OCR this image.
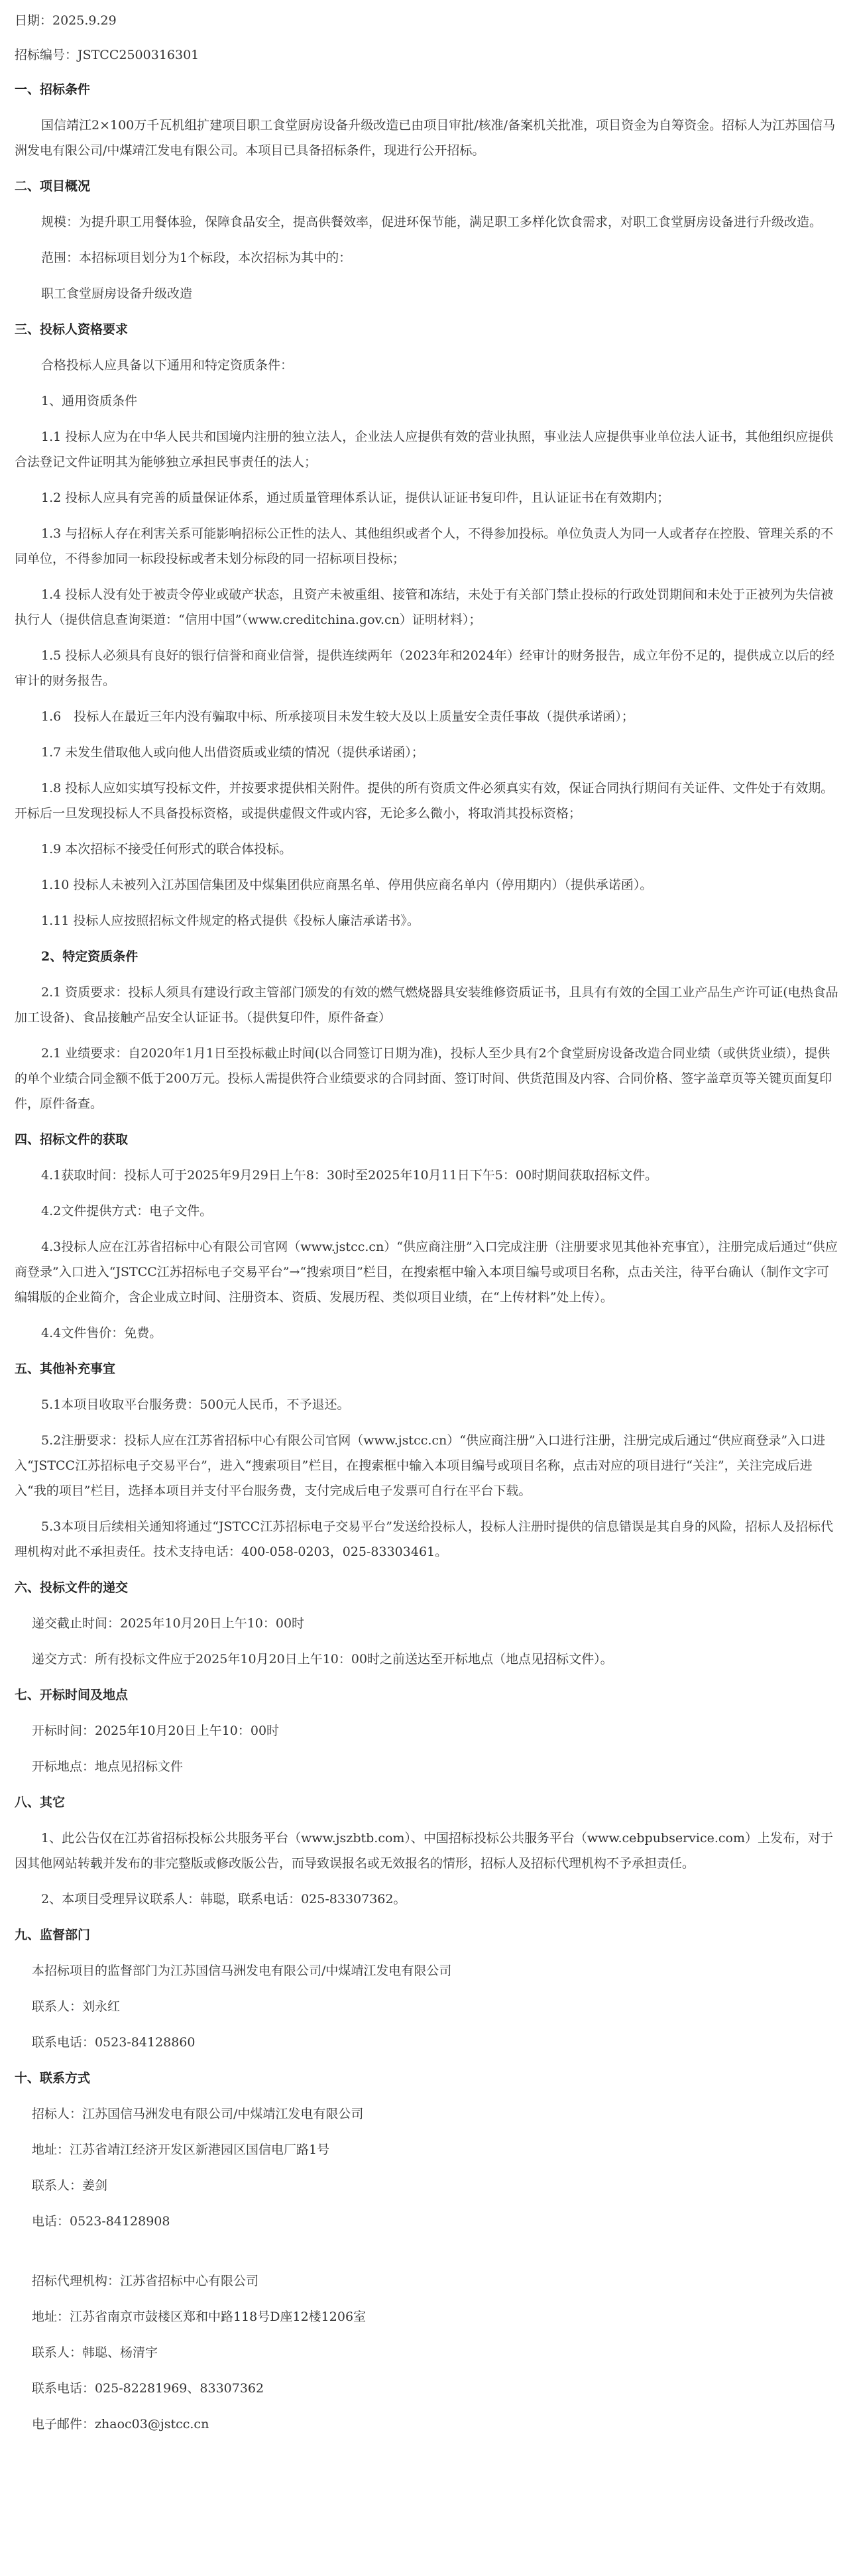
日期：2025.9.29

招标编号：JSTCC2500316301

一、招标条件

国信靖江2×100万千瓦机组扩建项目职工食堂厨房设备升级改造已由项目审批/核准/备案机关批准，项目资金为自筹资金。招标人为江苏国信马洲发电有限公司/中煤靖江发电有限公司。本项目已具备招标条件，现进行公开招标。

二、项目概况

规模：为提升职工用餐体验，保障食品安全，提高供餐效率，促进环保节能，满足职工多样化饮食需求，对职工食堂厨房设备进行升级改造。

范围：本招标项目划分为1个标段，本次招标为其中的：

职工食堂厨房设备升级改造

三、投标人资格要求

合格投标人应具备以下通用和特定资质条件：

1、通用资质条件

1.1 投标人应为在中华人民共和国境内注册的独立法人，企业法人应提供有效的营业执照，事业法人应提供事业单位法人证书，其他组织应提供合法登记文件证明其为能够独立承担民事责任的法人；

1.2 投标人应具有完善的质量保证体系，通过质量管理体系认证，提供认证证书复印件，且认证证书在有效期内；

1.3 与招标人存在利害关系可能影响招标公正性的法人、其他组织或者个人，不得参加投标。单位负责人为同一人或者存在控股、管理关系的不同单位，不得参加同一标段投标或者未划分标段的同一招标项目投标；

1.4 投标人没有处于被责令停业或破产状态，且资产未被重组、接管和冻结，未处于有关部门禁止投标的行政处罚期间和未处于正被列为失信被执行人（提供信息查询渠道：“信用中国”（www.creditchina.gov.cn）证明材料）；

1.5 投标人必须具有良好的银行信誉和商业信誉，提供连续两年（2023年和2024年）经审计的财务报告，成立年份不足的，提供成立以后的经审计的财务报告。

1.6　投标人在最近三年内没有骗取中标、所承接项目未发生较大及以上质量安全责任事故（提供承诺函）；

1.7 未发生借取他人或向他人出借资质或业绩的情况（提供承诺函）；

1.8 投标人应如实填写投标文件，并按要求提供相关附件。提供的所有资质文件必须真实有效，保证合同执行期间有关证件、文件处于有效期。开标后一旦发现投标人不具备投标资格，或提供虚假文件或内容，无论多么微小，将取消其投标资格；

1.9 本次招标不接受任何形式的联合体投标。

1.10 投标人未被列入江苏国信集团及中煤集团供应商黑名单、停用供应商名单内（停用期内）（提供承诺函）。

1.11 投标人应按照招标文件规定的格式提供《投标人廉洁承诺书》。

2、特定资质条件

2.1 资质要求：投标人须具有建设行政主管部门颁发的有效的燃气燃烧器具安装维修资质证书，且具有有效的全国工业产品生产许可证(电热食品加工设备)、食品接触产品安全认证证书。（提供复印件，原件备查）

2.1 业绩要求：自2020年1月1日至投标截止时间(以合同签订日期为准)，投标人至少具有2个食堂厨房设备改造合同业绩（或供货业绩），提供的单个业绩合同金额不低于200万元。投标人需提供符合业绩要求的合同封面、签订时间、供货范围及内容、合同价格、签字盖章页等关键页面复印件，原件备查。

四、招标文件的获取

4.1获取时间：投标人可于2025年9月29日上午8：30时至2025年10月11日下午5：00时期间获取招标文件。

4.2文件提供方式：电子文件。

4.3投标人应在江苏省招标中心有限公司官网（www.jstcc.cn）“供应商注册”入口完成注册（注册要求见其他补充事宜），注册完成后通过“供应商登录”入口进入“JSTCC江苏招标电子交易平台”→“搜索项目”栏目，在搜索框中输入本项目编号或项目名称，点击关注，待平台确认（制作文字可编辑版的企业简介，含企业成立时间、注册资本、资质、发展历程、类似项目业绩，在“上传材料”处上传）。

4.4文件售价：免费。

五、其他补充事宜

5.1本项目收取平台服务费：500元人民币，不予退还。

5.2注册要求：投标人应在江苏省招标中心有限公司官网（www.jstcc.cn）“供应商注册”入口进行注册，注册完成后通过“供应商登录”入口进入“JSTCC江苏招标电子交易平台”，进入“搜索项目”栏目，在搜索框中输入本项目编号或项目名称，点击对应的项目进行“关注”，关注完成后进入“我的项目”栏目，选择本项目并支付平台服务费，支付完成后电子发票可自行在平台下载。

5.3本项目后续相关通知将通过“JSTCC江苏招标电子交易平台”发送给投标人，投标人注册时提供的信息错误是其自身的风险，招标人及招标代理机构对此不承担责任。技术支持电话：400-058-0203，025-83303461。

六、投标文件的递交

递交截止时间：2025年10月20日上午10：00时

递交方式：所有投标文件应于2025年10月20日上午10：00时之前送达至开标地点（地点见招标文件）。

七、开标时间及地点

开标时间：2025年10月20日上午10：00时

开标地点：地点见招标文件

八、其它

1、此公告仅在江苏省招标投标公共服务平台（www.jszbtb.com）、中国招标投标公共服务平台（www.cebpubservice.com）上发布，对于因其他网站转载并发布的非完整版或修改版公告，而导致误报名或无效报名的情形，招标人及招标代理机构不予承担责任。

2、本项目受理异议联系人：韩聪，联系电话：025-83307362。

九、监督部门

本招标项目的监督部门为江苏国信马洲发电有限公司/中煤靖江发电有限公司

联系人：刘永红

联系电话：0523-84128860

十、联系方式

招标人：江苏国信马洲发电有限公司/中煤靖江发电有限公司

地址：江苏省靖江经济开发区新港园区国信电厂路1号

联系人：姜剑

电话：0523-84128908

招标代理机构：江苏省招标中心有限公司

地址：江苏省南京市鼓楼区郑和中路118号D座12楼1206室

联系人：韩聪、杨清宇

联系电话：025-82281969、83307362

电子邮件：zhaoc03@jstcc.cn
